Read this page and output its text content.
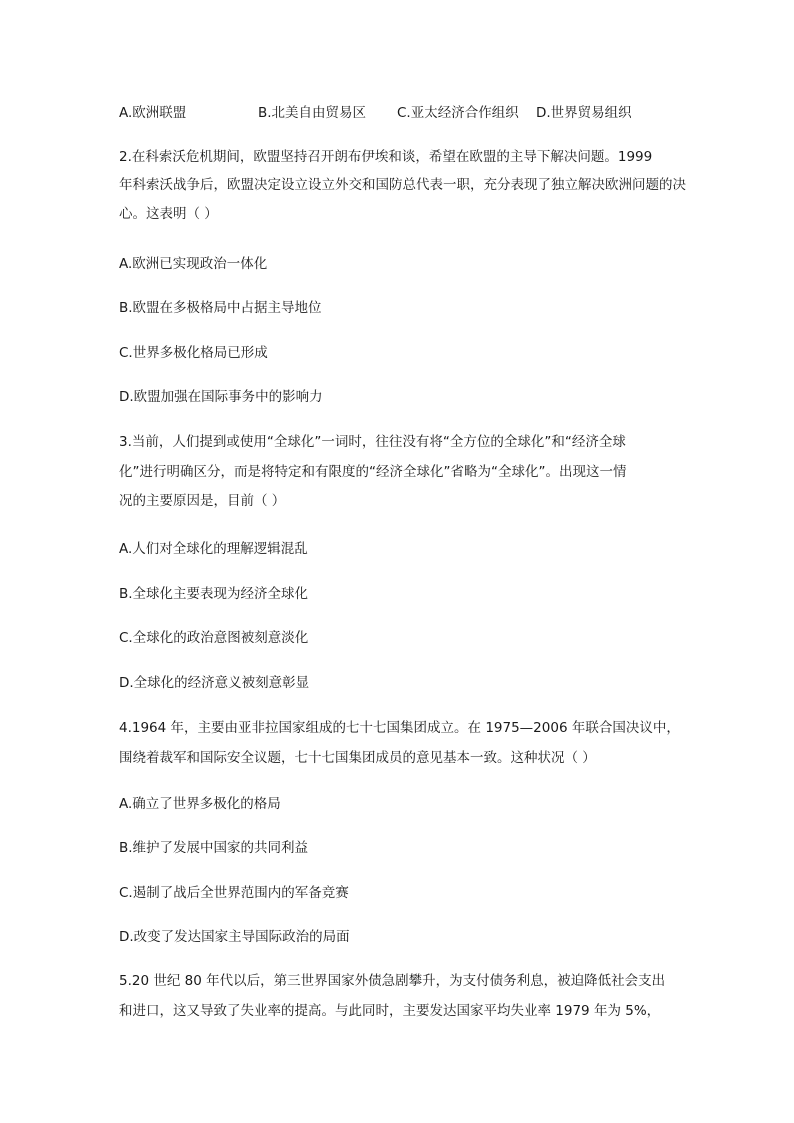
A.欧洲联盟	B.北美自由贸易区 C.亚太经济合作组织 D.世界贸易组织
2.在科索沃危机期间，欧盟坚持召开朗布伊埃和谈，希望在欧盟的主导下解决问题。1999
年科索沃战争后，欧盟决定设立设立外交和国防总代表一职，充分表现了独立解决欧洲问题的决
心。这表明（ ）
A.欧洲已实现政治一体化
B.欧盟在多极格局中占据主导地位
C.世界多极化格局已形成
D.欧盟加强在国际事务中的影响力
3.当前，人们提到或使用“全球化”一词时，往往没有将“全方位的全球化”和“经济全球
化”进行明确区分，而是将特定和有限度的“经济全球化”省略为“全球化”。出现这一情
况的主要原因是，目前（ ）
A.人们对全球化的理解逻辑混乱
B.全球化主要表现为经济全球化
C.全球化的政治意图被刻意淡化
D.全球化的经济意义被刻意彰显
4.1964 年，主要由亚非拉国家组成的七十七国集团成立。在 1975—2006 年联合国决议中，
围绕着裁军和国际安全议题，七十七国集团成员的意见基本一致。这种状况（ ）
A.确立了世界多极化的格局
B.维护了发展中国家的共同利益
C.遏制了战后全世界范围内的军备竞赛
D.改变了发达国家主导国际政治的局面
5.20 世纪 80 年代以后，第三世界国家外债急剧攀升，为支付债务利息，被迫降低社会支出
和进口，这又导致了失业率的提高。与此同时，主要发达国家平均失业率 1979 年为 5%，
